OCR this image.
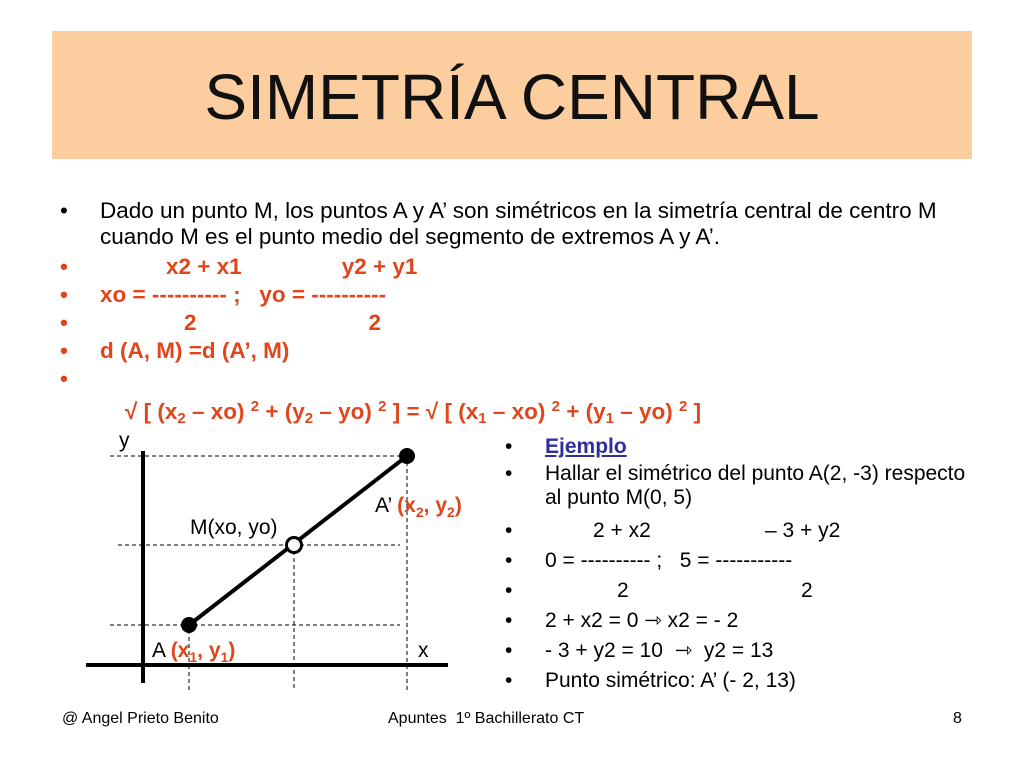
SIMETRÍA CENTRAL
• Dado un punto M, los puntos A y A’ son simétricos en la simetría central de centro M cuando M es el punto medio del segmento de extremos A y A’.
•	x2 + x1	y2 + y1
• xo = ---------- ;   yo = ----------
•	2	2
• d (A, M) =d (A’, M)

•
√ [ $(x_2 - xo) ^2 + (y_2 - yo)$ $^2$ ] = √ [ $(x_1 - xo) ^2 + (y_1 - yo)$ $^2$ ]

y
x
M(xo, yo)
A’ ($x_2$, $y_2$)
A ($x_1$, $y_1$)
• Ejemplo
• Hallar el simétrico del punto A(2, -3) respecto al punto M(0, 5)
•	2 + x2	– 3 + y2
• 0 = ---------- ;   5 = -----------
•	2	2
• 2 + x2 = 0 ⇾ x2 = - 2
• - 3 + y2 = 10  ⇾  y2 = 13
• Punto simétrico: A’ (- 2, 13)
@ Angel Prieto Benito	Apuntes  1º Bachillerato CT	8
